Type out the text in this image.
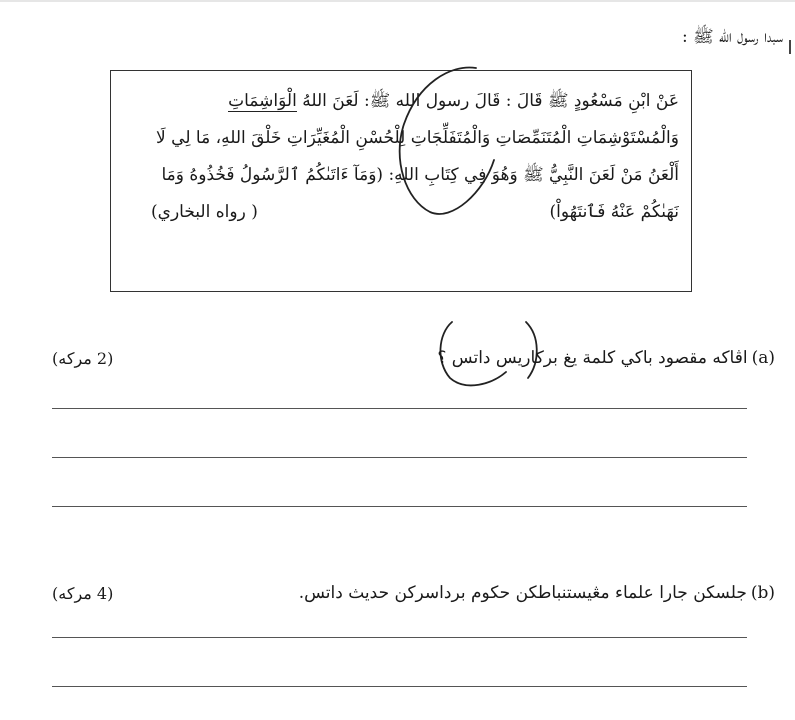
سبدا رسول الله ﷺ :
عَنْ ابْنِ مَسْعُودٍ ﷺ قَالَ : قَالَ رسول الله ﷺ: لَعَنَ اللهُ الْوَاشِمَاتِ
وَالْمُسْتَوْشِمَاتِ الْمُتَنَمِّصَاتِ وَالْمُتَفَلِّجَاتِ لِلْحُسْنِ الْمُغَيِّرَاتِ خَلْقَ اللهِ، مَا لِي لَا
أَلْعَنُ مَنْ لَعَنَ النَّبِيُّ ﷺ وَهُوَ فِي كِتَابِ اللهِ: (وَمَآ ءَاتَىٰكُمُ ٱلرَّسُولُ فَخُذُوهُ وَمَا
نَهَىٰكُمْ عَنْهُ فَٱنتَهُواْ)
( رواه البخاري)
(a)
اڤاكه مقصود باکي کلمة يغ برکاريس داتس ؟
(2 مرکه)
(b)
جلسکن جارا علماء مڠيستنباطکن حکوم برداسرکن حديث داتس.
(4 مرکه)
